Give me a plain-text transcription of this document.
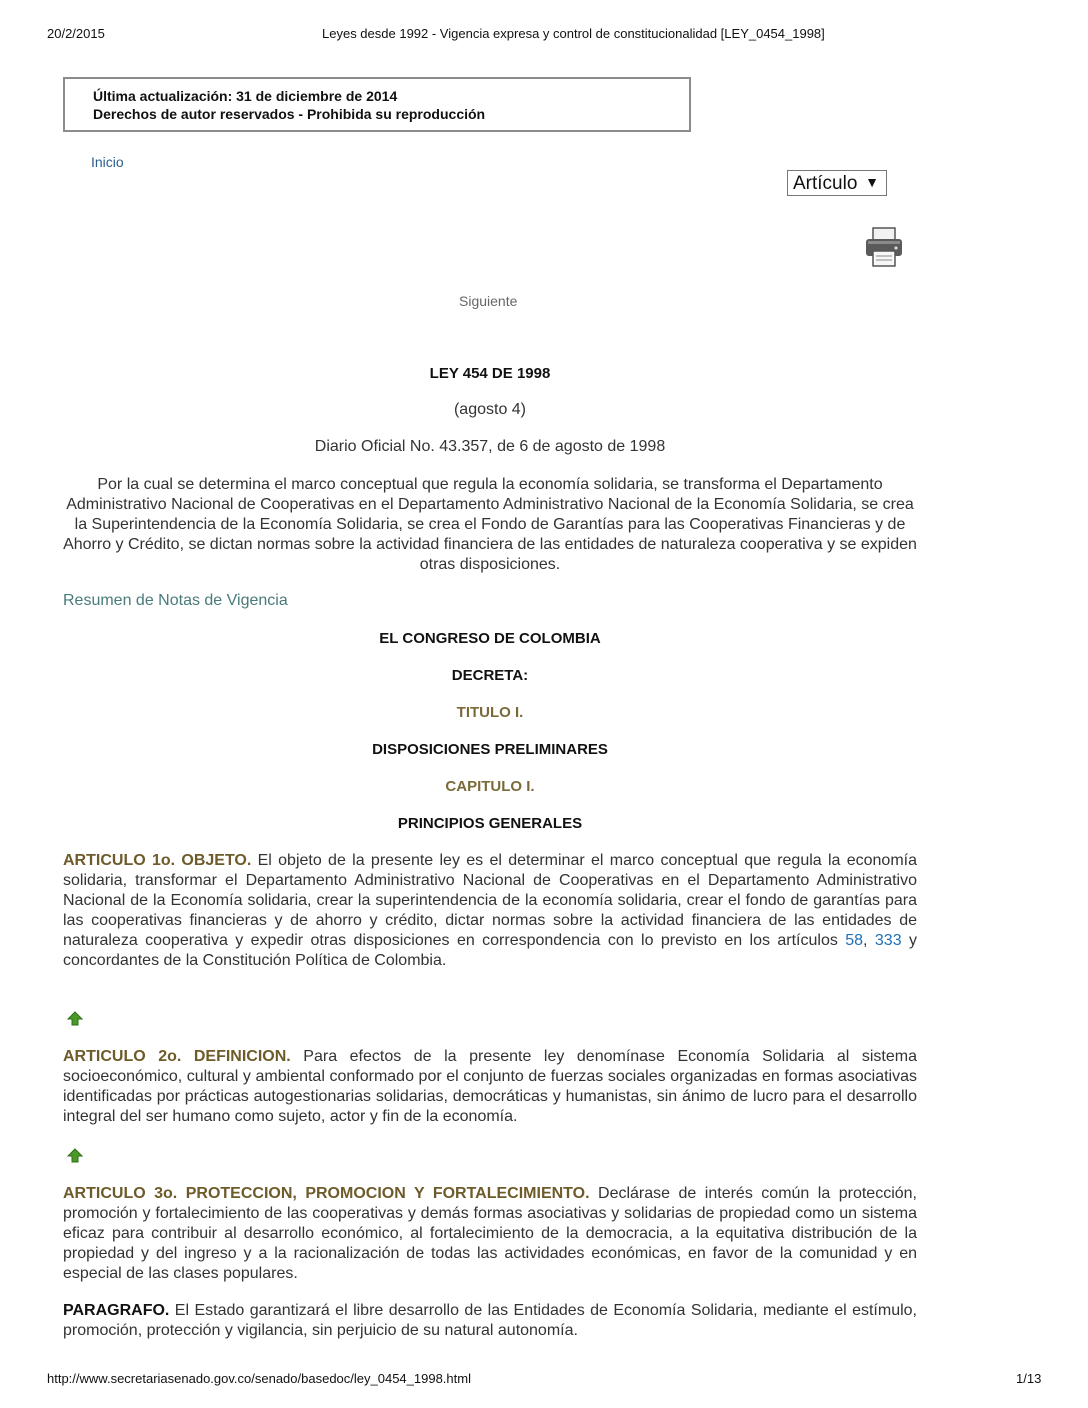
20/2/2015	Leyes desde 1992 - Vigencia expresa y control de constitucionalidad [LEY_0454_1998]
Última actualización: 31 de diciembre de 2014
Derechos de autor reservados - Prohibida su reproducción
Inicio
Artículo ▼
Siguiente
LEY 454 DE 1998
(agosto 4)
Diario Oficial No. 43.357, de 6 de agosto de 1998
Por la cual se determina el marco conceptual que regula la economía solidaria, se transforma el Departamento Administrativo Nacional de Cooperativas en el Departamento Administrativo Nacional de la Economía Solidaria, se crea la Superintendencia de la Economía Solidaria, se crea el Fondo de Garantías para las Cooperativas Financieras y de Ahorro y Crédito, se dictan normas sobre la actividad financiera de las entidades de naturaleza cooperativa y se expiden otras disposiciones.
Resumen de Notas de Vigencia
EL CONGRESO DE COLOMBIA
DECRETA:
TITULO I.
DISPOSICIONES PRELIMINARES
CAPITULO I.
PRINCIPIOS GENERALES
ARTICULO 1o. OBJETO. El objeto de la presente ley es el determinar el marco conceptual que regula la economía solidaria, transformar el Departamento Administrativo Nacional de Cooperativas en el Departamento Administrativo Nacional de la Economía solidaria, crear la superintendencia de la economía solidaria, crear el fondo de garantías para las cooperativas financieras y de ahorro y crédito, dictar normas sobre la actividad financiera de las entidades de naturaleza cooperativa y expedir otras disposiciones en correspondencia con lo previsto en los artículos 58, 333 y concordantes de la Constitución Política de Colombia.
ARTICULO 2o. DEFINICION. Para efectos de la presente ley denomínase Economía Solidaria al sistema socioeconómico, cultural y ambiental conformado por el conjunto de fuerzas sociales organizadas en formas asociativas identificadas por prácticas autogestionarias solidarias, democráticas y humanistas, sin ánimo de lucro para el desarrollo integral del ser humano como sujeto, actor y fin de la economía.
ARTICULO 3o. PROTECCION, PROMOCION Y FORTALECIMIENTO. Declárase de interés común la protección, promoción y fortalecimiento de las cooperativas y demás formas asociativas y solidarias de propiedad como un sistema eficaz para contribuir al desarrollo económico, al fortalecimiento de la democracia, a la equitativa distribución de la propiedad y del ingreso y a la racionalización de todas las actividades económicas, en favor de la comunidad y en especial de las clases populares.
PARAGRAFO. El Estado garantizará el libre desarrollo de las Entidades de Economía Solidaria, mediante el estímulo, promoción, protección y vigilancia, sin perjuicio de su natural autonomía.
http://www.secretariasenado.gov.co/senado/basedoc/ley_0454_1998.html	1/13
